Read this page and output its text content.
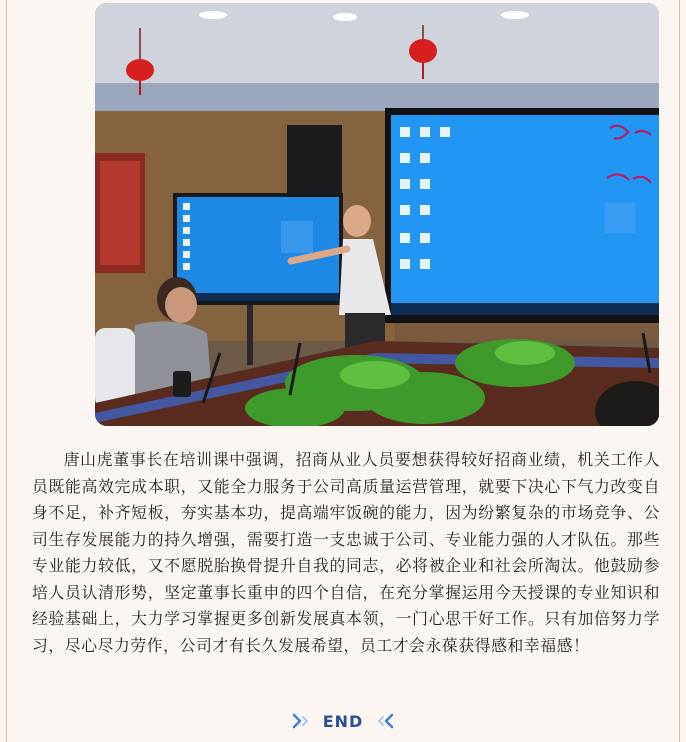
唐山虎董事长在培训课中强调，招商从业人员要想获得较好招商业绩，机关工作人员既能高效完成本职，又能全力服务于公司高质量运营管理，就要下决心下气力改变自身不足，补齐短板，夯实基本功，提高端牢饭碗的能力，因为纷繁复杂的市场竞争、公司生存发展能力的持久增强，需要打造一支忠诚于公司、专业能力强的人才队伍。那些专业能力较低，又不愿脱胎换骨提升自我的同志，必将被企业和社会所淘汰。他鼓励参培人员认清形势，坚定董事长重申的四个自信，在充分掌握运用今天授课的专业知识和经验基础上，大力学习掌握更多创新发展真本领，一门心思干好工作。只有加倍努力学习，尽心尽力劳作，公司才有长久发展希望，员工才会永葆获得感和幸福感！

END
